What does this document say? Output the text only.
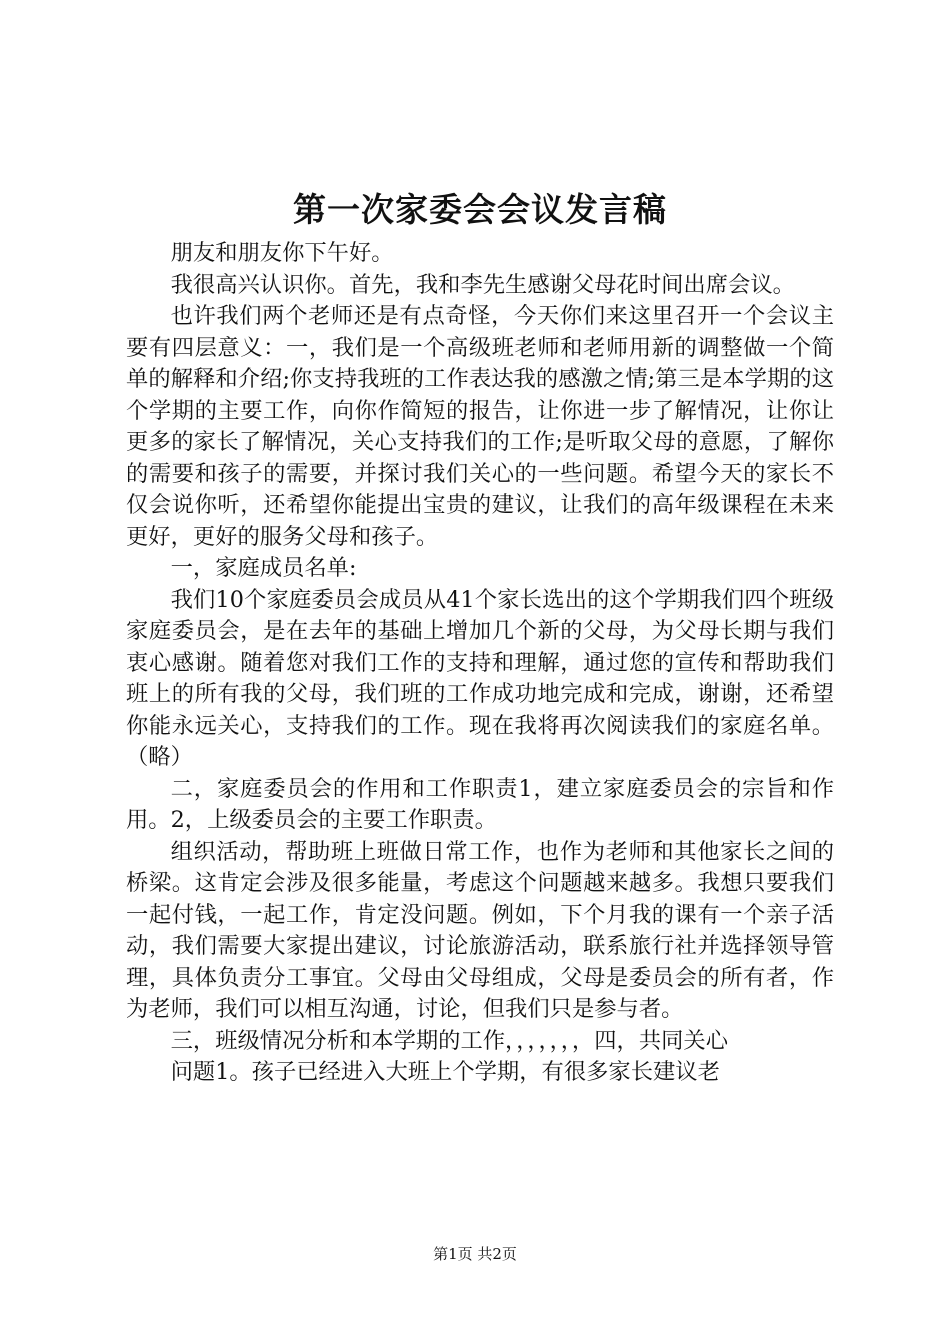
第一次家委会会议发言稿

朋友和朋友你下午好。

我很高兴认识你。首先，我和李先生感谢父母花时间出席会议。

也许我们两个老师还是有点奇怪，今天你们来这里召开一个会议主要有四层意义：一，我们是一个高级班老师和老师用新的调整做一个简单的解释和介绍;你支持我班的工作表达我的感激之情;第三是本学期的这个学期的主要工作，向你作简短的报告，让你进一步了解情况，让你让更多的家长了解情况，关心支持我们的工作;是听取父母的意愿，了解你的需要和孩子的需要，并探讨我们关心的一些问题。希望今天的家长不仅会说你听，还希望你能提出宝贵的建议，让我们的高年级课程在未来更好，更好的服务父母和孩子。

一，家庭成员名单:

我们10个家庭委员会成员从41个家长选出的这个学期我们四个班级家庭委员会，是在去年的基础上增加几个新的父母，为父母长期与我们衷心感谢。随着您对我们工作的支持和理解，通过您的宣传和帮助我们班上的所有我的父母，我们班的工作成功地完成和完成，谢谢，还希望你能永远关心，支持我们的工作。现在我将再次阅读我们的家庭名单。（略）

二，家庭委员会的作用和工作职责1，建立家庭委员会的宗旨和作用。2，上级委员会的主要工作职责。

组织活动，帮助班上班做日常工作，也作为老师和其他家长之间的桥梁。这肯定会涉及很多能量，考虑这个问题越来越多。我想只要我们一起付钱，一起工作，肯定没问题。例如，下个月我的课有一个亲子活动，我们需要大家提出建议，讨论旅游活动，联系旅行社并选择领导管理，具体负责分工事宜。父母由父母组成，父母是委员会的所有者，作为老师，我们可以相互沟通，讨论，但我们只是参与者。

三，班级情况分析和本学期的工作，，，，，，，四，共同关心

问题1。孩子已经进入大班上个学期，有很多家长建议老

第1页 共2页
